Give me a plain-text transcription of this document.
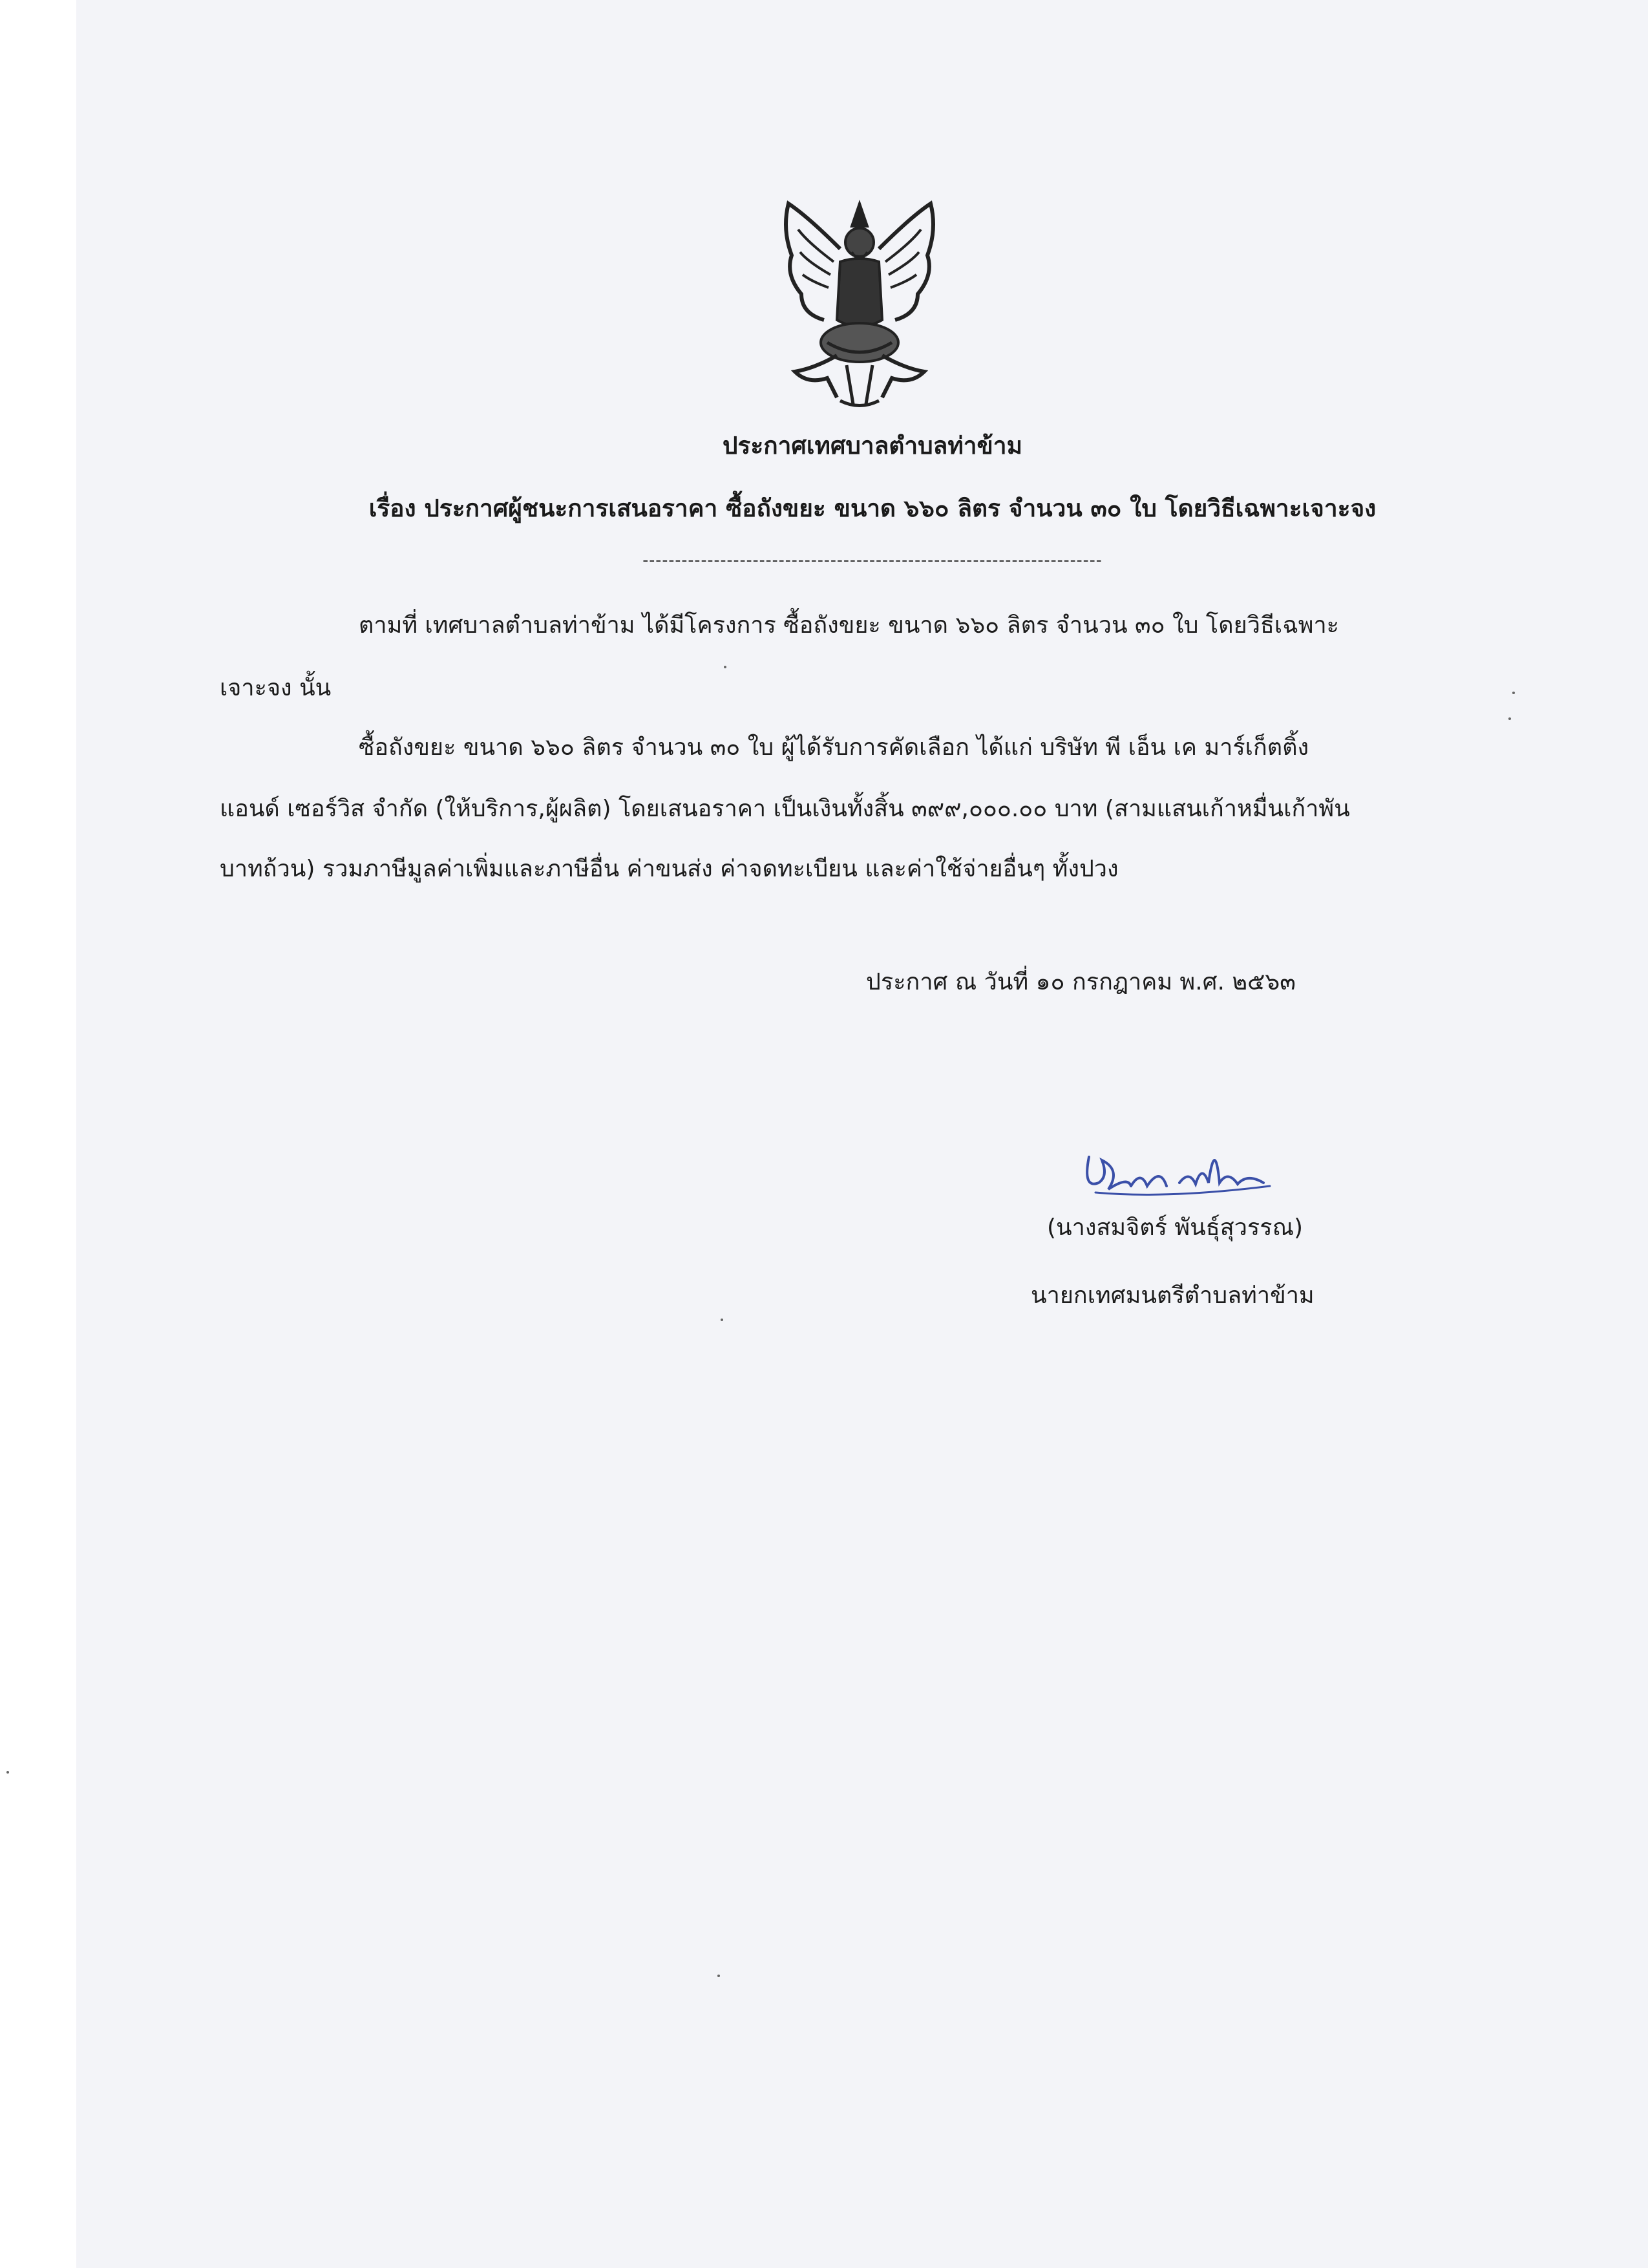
ประกาศเทศบาลตำบลท่าข้าม
เรื่อง ประกาศผู้ชนะการเสนอราคา ซื้อถังขยะ ขนาด ๖๖๐ ลิตร จำนวน ๓๐ ใบ โดยวิธีเฉพาะเจาะจง
-----------------------------------------------------------------------
ตามที่ เทศบาลตำบลท่าข้าม ได้มีโครงการ ซื้อถังขยะ ขนาด ๖๖๐ ลิตร จำนวน ๓๐ ใบ โดยวิธีเฉพาะ
เจาะจง นั้น
ซื้อถังขยะ ขนาด ๖๖๐ ลิตร จำนวน ๓๐ ใบ ผู้ได้รับการคัดเลือก ได้แก่ บริษัท พี เอ็น เค มาร์เก็ตติ้ง
แอนด์ เซอร์วิส จำกัด (ให้บริการ,ผู้ผลิต) โดยเสนอราคา เป็นเงินทั้งสิ้น ๓๙๙,๐๐๐.๐๐ บาท (สามแสนเก้าหมื่นเก้าพัน
บาทถ้วน) รวมภาษีมูลค่าเพิ่มและภาษีอื่น ค่าขนส่ง ค่าจดทะเบียน และค่าใช้จ่ายอื่นๆ ทั้งปวง
ประกาศ ณ วันที่ ๑๐ กรกฎาคม พ.ศ. ๒๕๖๓
(นางสมจิตร์ พันธุ์สุวรรณ)
นายกเทศมนตรีตำบลท่าข้าม
